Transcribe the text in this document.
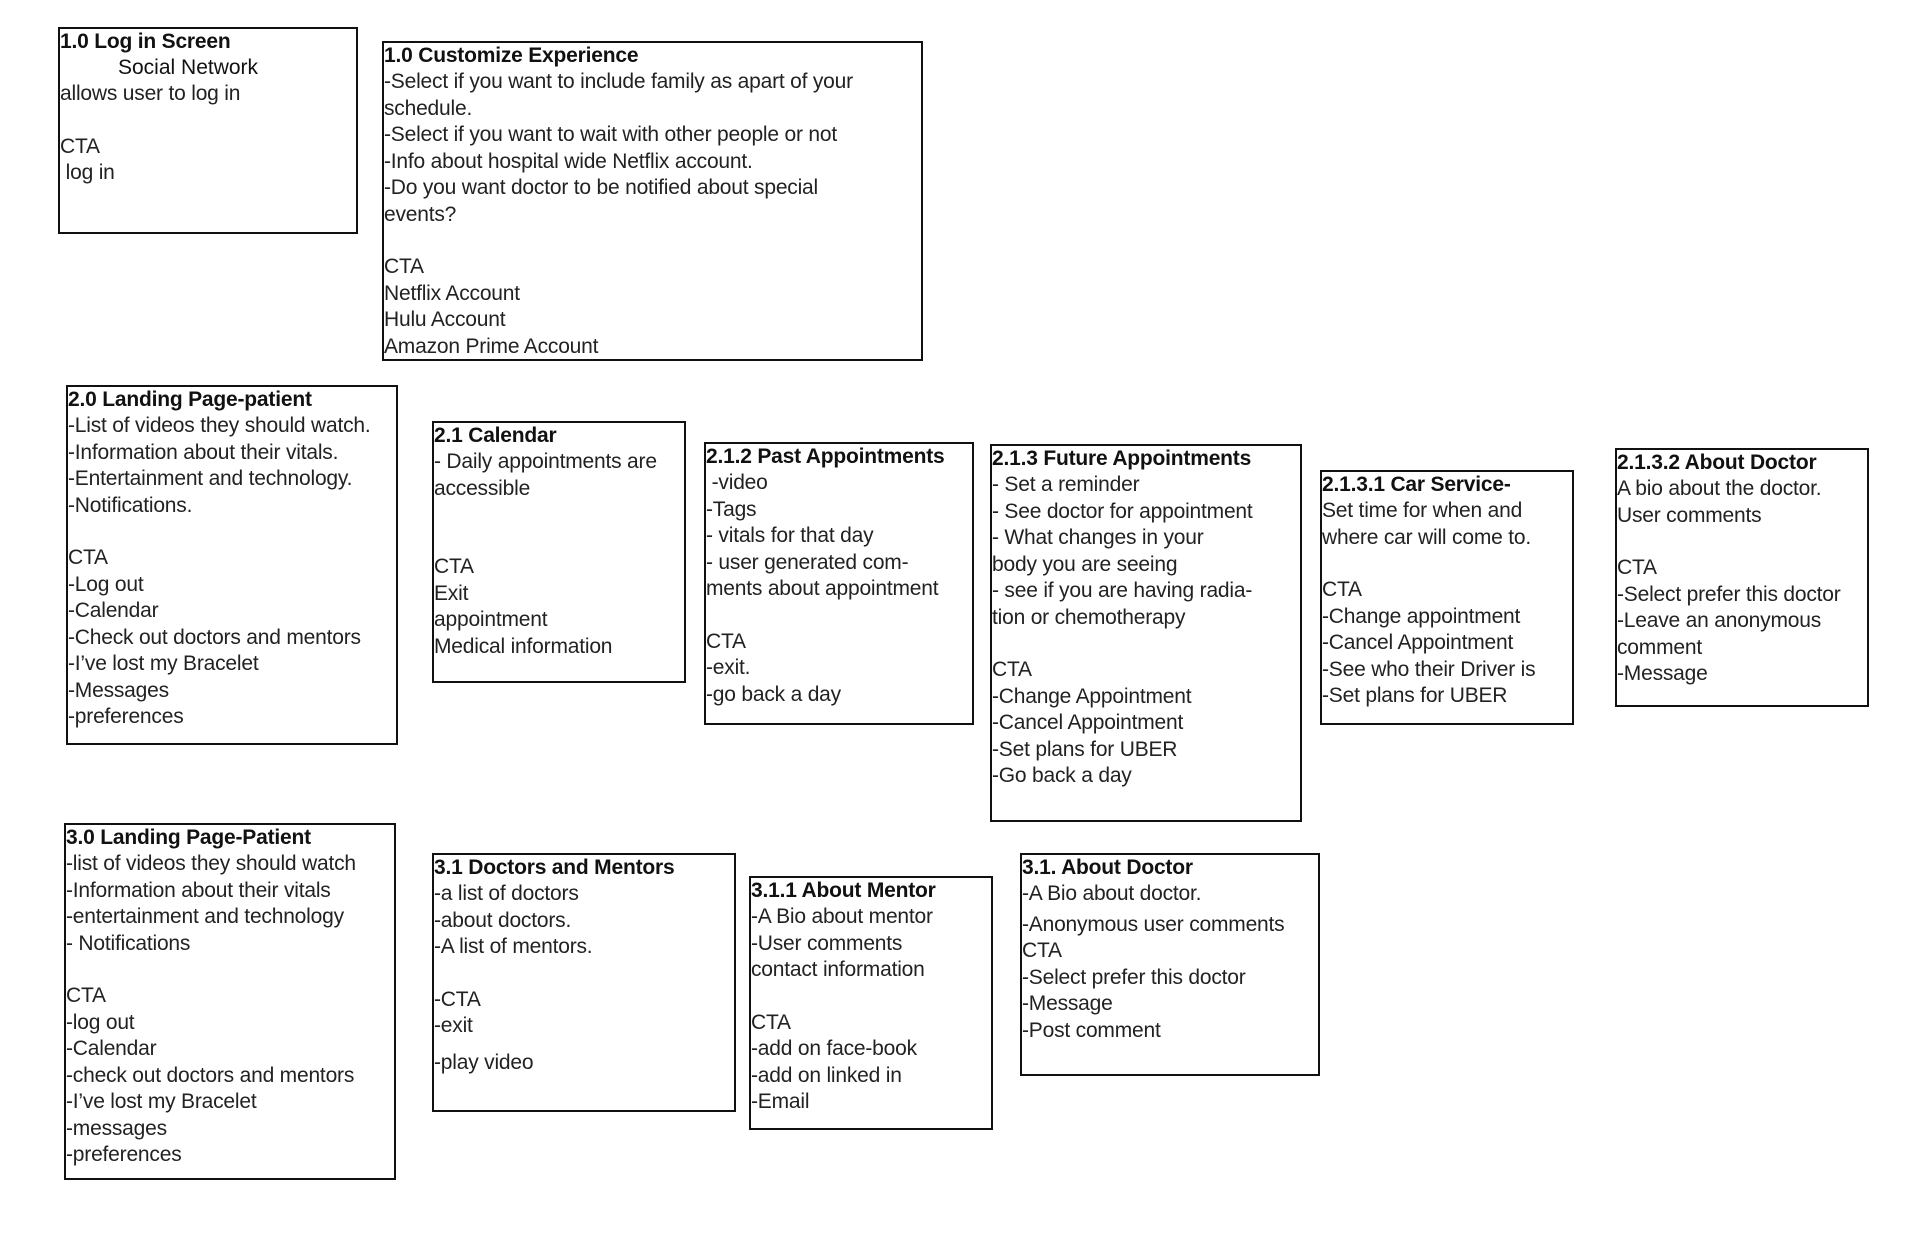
1.0 Log in Screen
Social Network
allows user to log in
CTA
log in
1.0 Customize Experience
-Select if you want to include family as apart of your
schedule.
-Select if you want to wait with other people or not
-Info about hospital wide Netflix account.
-Do you want doctor to be notified about special
events?
CTA
Netflix Account
Hulu Account
Amazon Prime Account
2.0 Landing Page-patient
-List of videos they should watch.
-Information about their vitals.
-Entertainment and technology.
-Notifications.
CTA
-Log out
-Calendar
-Check out doctors and mentors
-I’ve lost my Bracelet
-Messages
-preferences
2.1 Calendar
- Daily appointments are
accessible
CTA
Exit
appointment
Medical information
2.1.2 Past Appointments
-video
-Tags
- vitals for that day
- user generated com-
ments about appointment
CTA
-exit.
-go back a day
2.1.3 Future Appointments
- Set a reminder
- See doctor for appointment
- What changes in your
body you are seeing
- see if you are having radia-
tion or chemotherapy
CTA
-Change Appointment
-Cancel Appointment
-Set plans for UBER
-Go back a day
2.1.3.1 Car Service-
Set time for when and
where car will come to.
CTA
-Change appointment
-Cancel Appointment
-See who their Driver is
-Set plans for UBER
2.1.3.2 About Doctor
A bio about the doctor.
User comments
CTA
-Select prefer this doctor
-Leave an anonymous
comment
-Message
3.0 Landing Page-Patient
-list of videos they should watch
-Information about their vitals
-entertainment and technology
- Notifications
CTA
-log out
-Calendar
-check out doctors and mentors
-I’ve lost my Bracelet
-messages
-preferences
3.1 Doctors and Mentors
-a list of doctors
-about doctors.
-A list of mentors.
-CTA
-exit
-play video
3.1.1 About Mentor
-A Bio about mentor
-User comments
contact information
CTA
-add on face-book
-add on linked in
-Email
3.1. About Doctor
-A Bio about doctor.
-Anonymous user comments
CTA
-Select prefer this doctor
-Message
-Post comment
